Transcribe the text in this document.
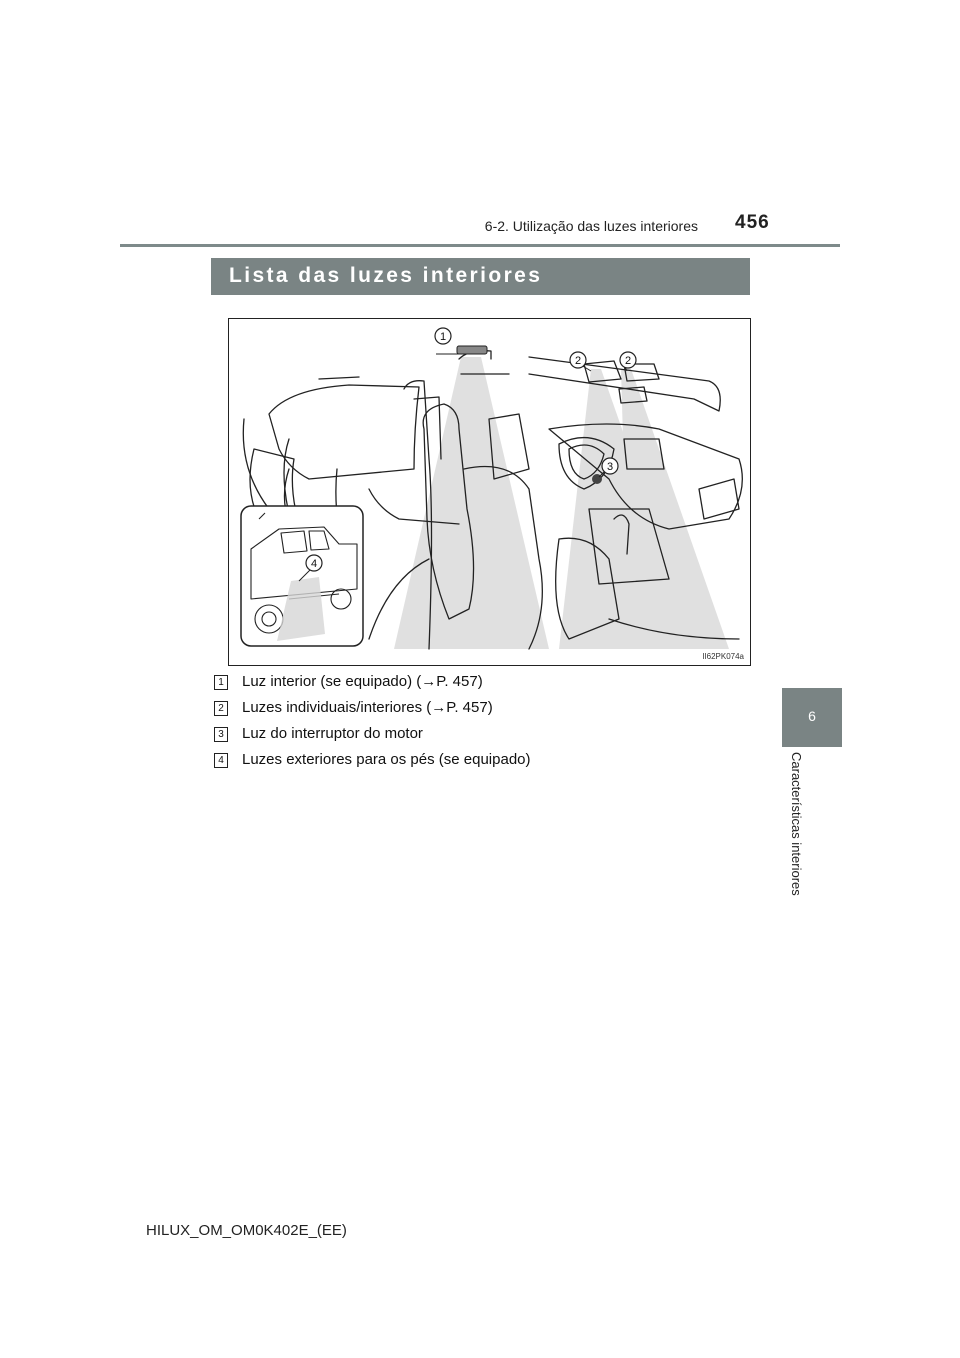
6-2. Utilização das luzes interiores 456
Lista das luzes interiores
6
Características interiores
1
2	2
3
4
II62PK074a
1 Luz interior (se equipado) (→P. 457)
2 Luzes individuais/interiores (→P. 457)
3 Luz do interruptor do motor
4 Luzes exteriores para os pés (se equipado)
HILUX_OM_OM0K402E_(EE)
